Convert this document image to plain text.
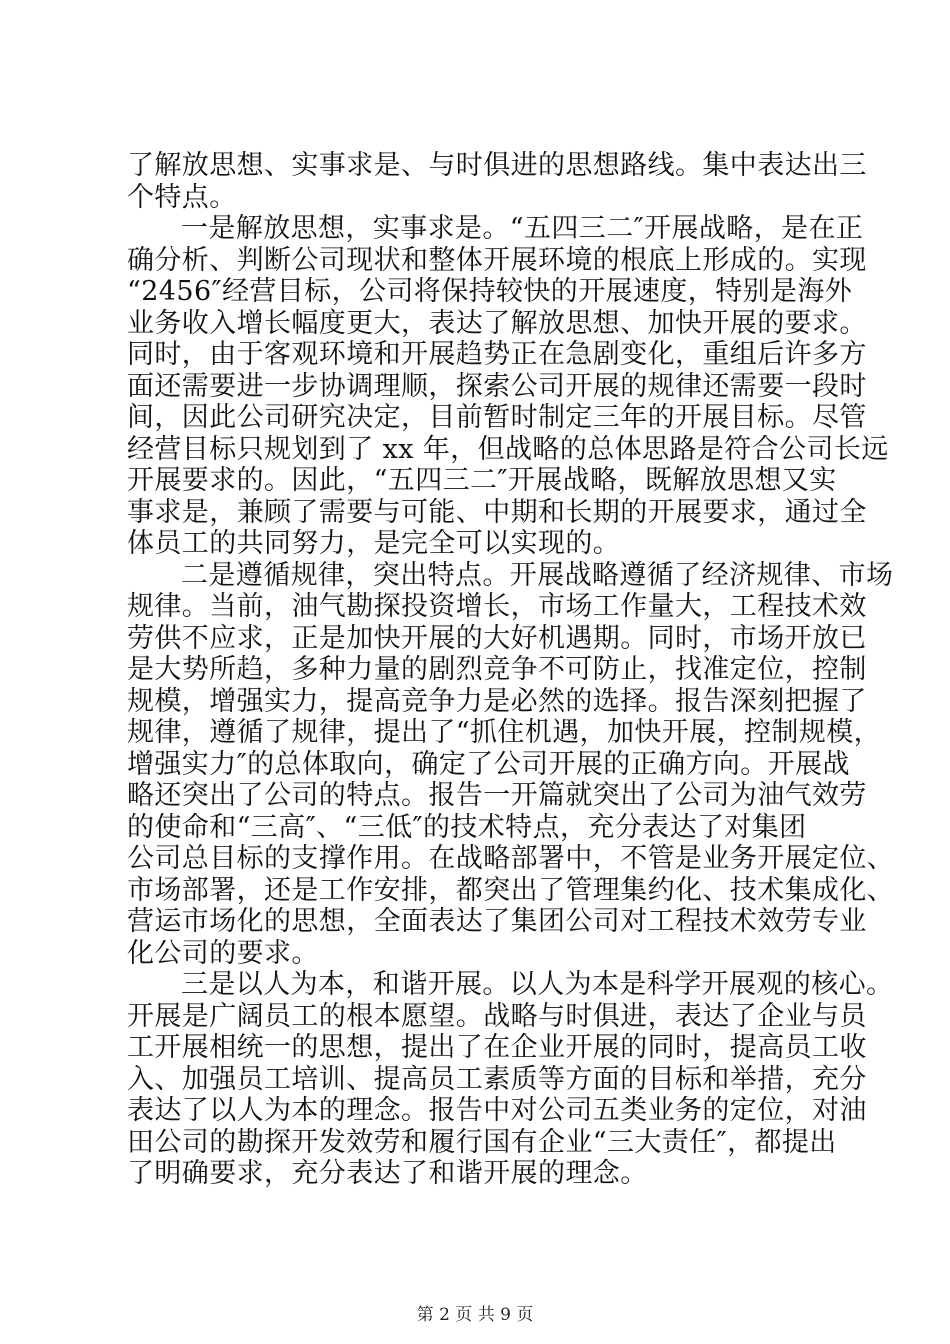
了解放思想、实事求是、与时俱进的思想路线。集中表达出三
个特点。
一是解放思想，实事求是。“五四三二″开展战略，是在正
确分析、判断公司现状和整体开展环境的根底上形成的。实现
“2456″经营目标，公司将保持较快的开展速度，特别是海外
业务收入增长幅度更大，表达了解放思想、加快开展的要求。
同时，由于客观环境和开展趋势正在急剧变化，重组后许多方
面还需要进一步协调理顺，探索公司开展的规律还需要一段时
间，因此公司研究决定，目前暂时制定三年的开展目标。尽管
经营目标只规划到了 xx 年，但战略的总体思路是符合公司长远
开展要求的。因此，“五四三二″开展战略，既解放思想又实
事求是，兼顾了需要与可能、中期和长期的开展要求，通过全
体员工的共同努力，是完全可以实现的。
二是遵循规律，突出特点。开展战略遵循了经济规律、市场
规律。当前，油气勘探投资增长，市场工作量大，工程技术效
劳供不应求，正是加快开展的大好机遇期。同时，市场开放已
是大势所趋，多种力量的剧烈竞争不可防止，找准定位，控制
规模，增强实力，提高竞争力是必然的选择。报告深刻把握了
规律，遵循了规律，提出了“抓住机遇，加快开展，控制规模，
增强实力″的总体取向，确定了公司开展的正确方向。开展战
略还突出了公司的特点。报告一开篇就突出了公司为油气效劳
的使命和“三高″、“三低″的技术特点，充分表达了对集团
公司总目标的支撑作用。在战略部署中，不管是业务开展定位、
市场部署，还是工作安排，都突出了管理集约化、技术集成化、
营运市场化的思想，全面表达了集团公司对工程技术效劳专业
化公司的要求。
三是以人为本，和谐开展。以人为本是科学开展观的核心。
开展是广阔员工的根本愿望。战略与时俱进，表达了企业与员
工开展相统一的思想，提出了在企业开展的同时，提高员工收
入、加强员工培训、提高员工素质等方面的目标和举措，充分
表达了以人为本的理念。报告中对公司五类业务的定位，对油
田公司的勘探开发效劳和履行国有企业“三大责任″，都提出
了明确要求，充分表达了和谐开展的理念。
第 2 页 共 9 页
